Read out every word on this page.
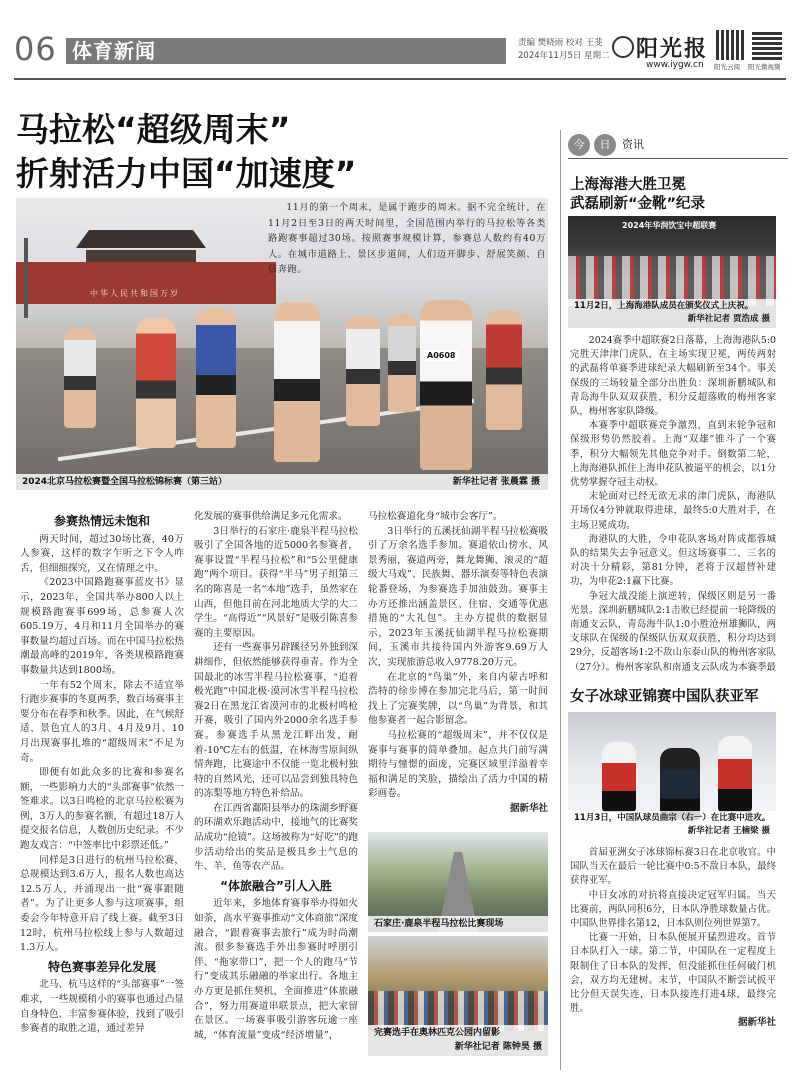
06 体育新闻	责编 樊晓雨 校对 王斐
2024年11月5日 星期二 阳光报
www.iygw.cn 阳光云阅 阳光微视频
马拉松“超级周末”
折射活力中国“加速度”
中华人民共和国万岁
11月的第一个周末，是属于跑步的周末。据不完全统计，在11月2日至3日的两天时间里，全国范围内举行的马拉松等各类路跑赛事超过30场。按照赛事规模计算，参赛总人数约有40万人。在城市道路上、景区步道间，人们迈开脚步、舒展笑颜、自信奔跑。
A0608
2024北京马拉松赛暨全国马拉松锦标赛（第三站）	新华社记者 张晨霖 摄
参赛热情远未饱和

两天时间，超过30场比赛，40万人参赛，这样的数字乍听之下令人咋舌，但细细探究，又在情理之中。

《2023中国路跑赛事蓝皮书》显示，2023年，全国共举办800人以上规模路跑赛事699场，总参赛人次605.19万，4月和11月全国举办的赛事数量均超过百场。而在中国马拉松热潮最高峰的2019年，各类规模路跑赛事数量共达到1800场。

一年有52个周末，除去不适宜举行跑步赛事的冬夏两季，数百场赛事主要分布在春季和秋季。因此，在气候舒适、景色宜人的3月、4月及9月、10月出现赛事扎堆的“超级周末”不足为奇。

即便有如此众多的比赛和参赛名额，一些影响力大的“头部赛事”依然一签难求。以3日鸣枪的北京马拉松赛为例，3万人的参赛名额，有超过18万人提交报名信息，人数创历史纪录。不少跑友戏言：“中签率比中彩票还低。”

同样是3日进行的杭州马拉松赛，总规模达到3.6万人，报名人数也高达12.5万人，并涌现出一批“赛事跟随者”。为了让更多人参与这项赛事，组委会今年特意开启了线上赛。截至3日12时，杭州马拉松线上参与人数超过1.3万人。

特色赛事差异化发展

北马、杭马这样的“头部赛事”一签难求，一些规模稍小的赛事也通过凸显自身特色、丰富参赛体验，找到了吸引参赛者的取胜之道，通过差异

化发展的赛事供给满足多元化需求。

3日举行的石家庄·鹿泉半程马拉松吸引了全国各地的近5000名参赛者，赛事设置“半程马拉松”和“5公里健康跑”两个项目。获得“半马”男子组第三名的陈喜是一名“本地”选手，虽然家在山西，但他目前在河北地质大学的大二学生。“高得近”“风景好”是吸引陈喜参赛的主要原因。

还有一些赛事另辟蹊径另外独到深耕细作，但依然能够获得垂青。作为全国最北的冰雪半程马拉松赛事，“追着极光跑”中国北极·漠河冰雪半程马拉松赛2日在黑龙江省漠河市的北极村鸣枪开赛，吸引了国内外2000余名选手参赛。参赛选手从黑龙江畔出发，耐着-10℃左右的低温，在林海雪原间纵情奔跑，比赛途中不仅能一览北极村独特的自然风光，还可以品尝到独具特色的冻梨等地方特色补给品。

在江西省鄱阳县举办的珠湖乡野赛的环湖欢乐跑活动中，接地气的比赛奖品成功“抢镜”。这场被称为“好吃”的跑步活动给出的奖品是极具乡土气息的牛、羊、鱼等农产品。

“体旅融合”引人入胜

近年来，多地体育赛事举办得如火如荼，高水平赛事推动“文体商旅”深度融合，“跟着赛事去旅行”成为时尚潮流。很多参赛选手外出参赛时呼朋引伴、“拖家带口”，把一个人的跑马“节行”变成其乐融融的举家出行。各地主办方更是抓住契机，全面推进“体旅融合”，努力用赛道串联景点，把大家留在景区。一场赛事吸引游客玩逾一座城，“体育流量”变成“经济增量”，

马拉松赛道化身“城市会客厅”。

3日举行的五溪抚仙湖半程马拉松赛吸引了万余名选手参加。赛道依山傍水、风景秀丽，赛道两旁，舞龙舞狮、滚灵的“超级大马戏”、民族舞、器乐演奏等特色表演轮番登场，为参赛选手加油鼓劲。赛事主办方还推出涵盖景区、住宿、交通等优惠措施的“大礼包”。主办方提供的数据显示，2023年玉溪抚仙湖半程马拉松赛期间，玉溪市共接待国内外游客9.69万人次，实现旅游总收入9778.20万元。

在北京的“鸟巢”外，来自内蒙古呼和浩特的徐步博在参加完北马后，第一时间找上了完赛奖牌，以“鸟巢”为背景，和其他参赛者一起合影留念。

马拉松赛的“超级周末”，并不仅仅是赛事与赛事的简单叠加。起点共门前写满期待与憧憬的面庞，完赛区域里洋溢着幸福和满足的笑脸，描绘出了活力中国的精彩画卷。

据新华社
石家庄·鹿泉半程马拉松比赛现场
完赛选手在奥林匹克公园内留影
新华社记者 陈钟昊 摄
今	日	资讯
上海海港大胜卫冕
武磊刷新“金靴”纪录
2024年华润饮宝中超联赛
11月2日，上海海港队成员在颁奖仪式上庆祝。
新华社记者 贾浩成 摄

2024赛季中超联赛2日落幕，上海海港队5:0完胜天津津门虎队，在主场实现卫冕，两传两射的武磊将单赛季进球纪录大幅刷新至34个。事关保级的三场较量全部分出胜负：深圳新鹏城队和青岛海牛队双双获胜，积分反超落败的梅州客家队，梅州客家队降级。

本赛季中超联赛竞争激烈，直到末轮争冠和保级形势仍然胶着。上海“双雄”锥斗了一个赛季，积分大幅领先其他竞争对手。倒数第二轮，上海海港队抓住上海申花队被逼平的机会，以1分优势掌握夺冠主动权。

末轮面对已经无欲无求的津门虎队，海港队开场仅4分钟就取得进球，最终5:0大胜对手，在主场卫冕成功。

海港队的大胜，令申花队客场对阵成都蓉城队的结果失去争冠意义。但这场赛事二、三名的对决十分精彩，第81分钟，老将于汉超替补建功，为申花2:1赢下比赛。

争冠大战没能上演逆转，保级区则是另一番光景。深圳新鹏城队2:1击败已经提前一轮降级的南通支云队，青岛海牛队1:0小胜沧州雄狮队，两支球队在保级的保级队伍双双获胜，积分均达到29分，反超客场1:2不敌山东泰山队的梅州客家队（27分）。梅州客家队和南通支云队成为本赛季最

女子冰球亚锦赛中国队获亚军
11月3日，中国队球员曲宗（右一）在比赛中进攻。
新华社记者 王楠梁 摄

首届亚洲女子冰球锦标赛3日在北京收官。中国队当天在最后一轮比赛中0:5不敌日本队，最终获得亚军。

中日女冰的对抗将直接决定冠军归属。当天比赛前，两队同积6分，日本队净胜球数量占优。中国队世界排名第12，日本队则位列世界第7。

比赛一开始，日本队便展开猛烈进攻。首节日本队打入一球。第二节，中国队在一定程度上限制住了日本队的发挥，但没能抓住任何破门机会，双方均无建树。末节，中国队不断尝试扳平比分但天误失连，日本队接连打进4球，最终完胜。

据新华社
